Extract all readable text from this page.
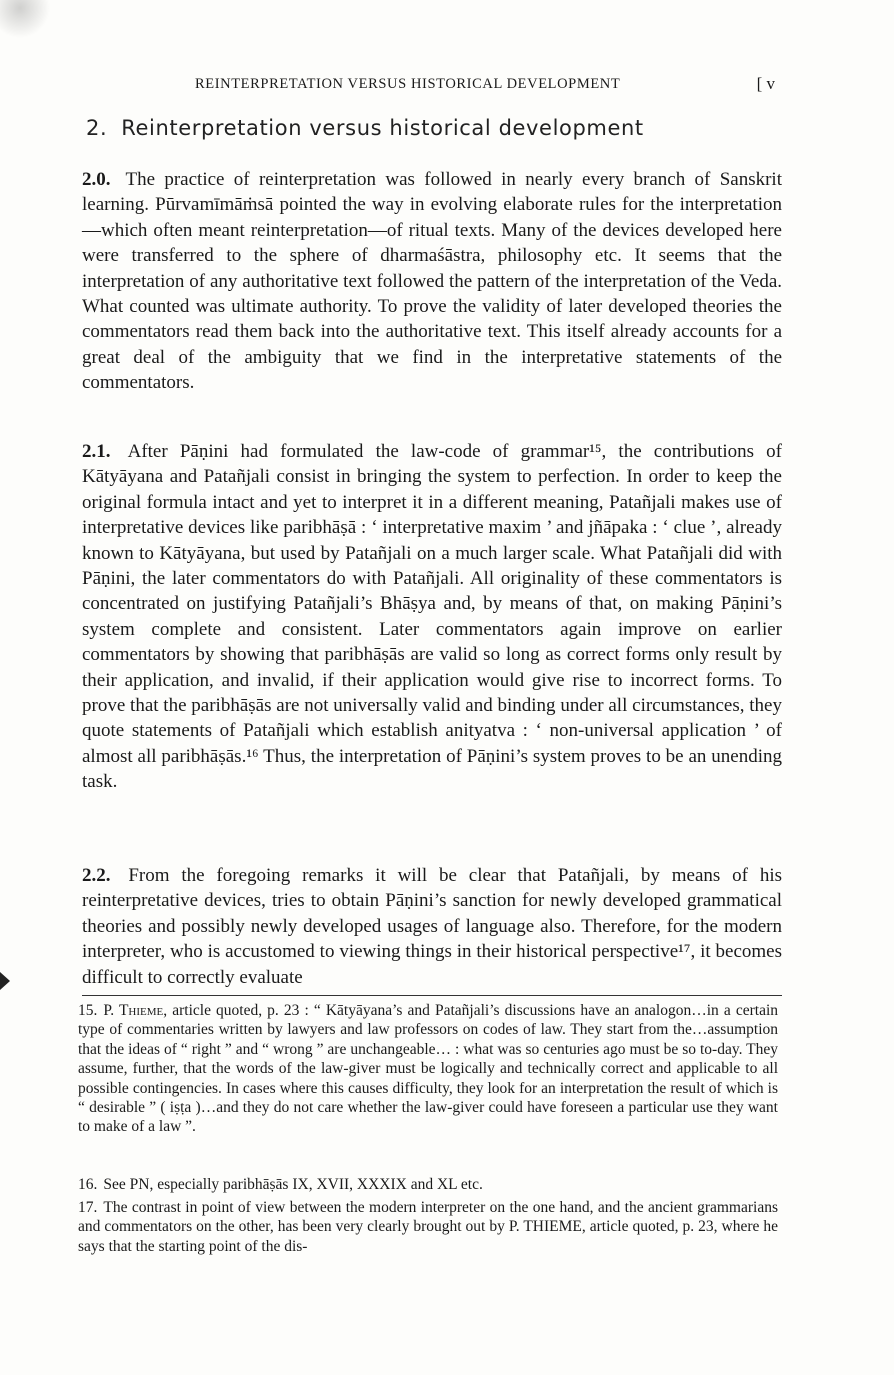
REINTERPRETATION VERSUS HISTORICAL DEVELOPMENT	[ v
2. Reinterpretation versus historical development
2.0. The practice of reinterpretation was followed in nearly every branch of Sanskrit learning. Pūrvamīmāṁsā pointed the way in evolving elaborate rules for the interpretation—which often meant reinterpretation—of ritual texts. Many of the devices developed here were transferred to the sphere of dharmaśāstra, philosophy etc. It seems that the interpretation of any authoritative text followed the pattern of the interpretation of the Veda. What counted was ultimate authority. To prove the validity of later developed theories the commentators read them back into the authoritative text. This itself already accounts for a great deal of the ambiguity that we find in the interpretative statements of the commentators.
2.1. After Pāṇini had formulated the law-code of grammar¹⁵, the contributions of Kātyāyana and Patañjali consist in bringing the system to perfection. In order to keep the original formula intact and yet to interpret it in a different meaning, Patañjali makes use of interpretative devices like paribhāṣā : ‘ interpretative maxim ’ and jñāpaka : ‘ clue ’, already known to Kātyāyana, but used by Patañjali on a much larger scale. What Patañjali did with Pāṇini, the later commentators do with Patañjali. All originality of these commentators is concentrated on justifying Patañjali’s Bhāṣya and, by means of that, on making Pāṇini’s system complete and consistent. Later commentators again improve on earlier commentators by showing that paribhāṣās are valid so long as correct forms only result by their application, and invalid, if their application would give rise to incorrect forms. To prove that the paribhāṣās are not universally valid and binding under all circumstances, they quote statements of Patañjali which establish anityatva : ‘ non-universal application ’ of almost all paribhāṣās.¹⁶ Thus, the interpretation of Pāṇini’s system proves to be an unending task.
2.2. From the foregoing remarks it will be clear that Patañjali, by means of his reinterpretative devices, tries to obtain Pāṇini’s sanction for newly developed grammatical theories and possibly newly developed usages of language also. Therefore, for the modern interpreter, who is accustomed to viewing things in their historical perspective¹⁷, it becomes difficult to correctly evaluate
15. P. Thieme, article quoted, p. 23 : “ Kātyāyana’s and Patañjali’s discussions have an analogon…in a certain type of commentaries written by lawyers and law professors on codes of law. They start from the…assumption that the ideas of “ right ” and “ wrong ” are unchangeable… : what was so centuries ago must be so to-day. They assume, further, that the words of the law-giver must be logically and technically correct and applicable to all possible contingencies. In cases where this causes difficulty, they look for an interpretation the result of which is “ desirable ” ( iṣṭa )…and they do not care whether the law-giver could have foreseen a particular use they want to make of a law ”.
16. See PN, especially paribhāṣās IX, XVII, XXXIX and XL etc.
17. The contrast in point of view between the modern interpreter on the one hand, and the ancient grammarians and commentators on the other, has been very clearly brought out by P. THIEME, article quoted, p. 23, where he says that the starting point of the dis-
